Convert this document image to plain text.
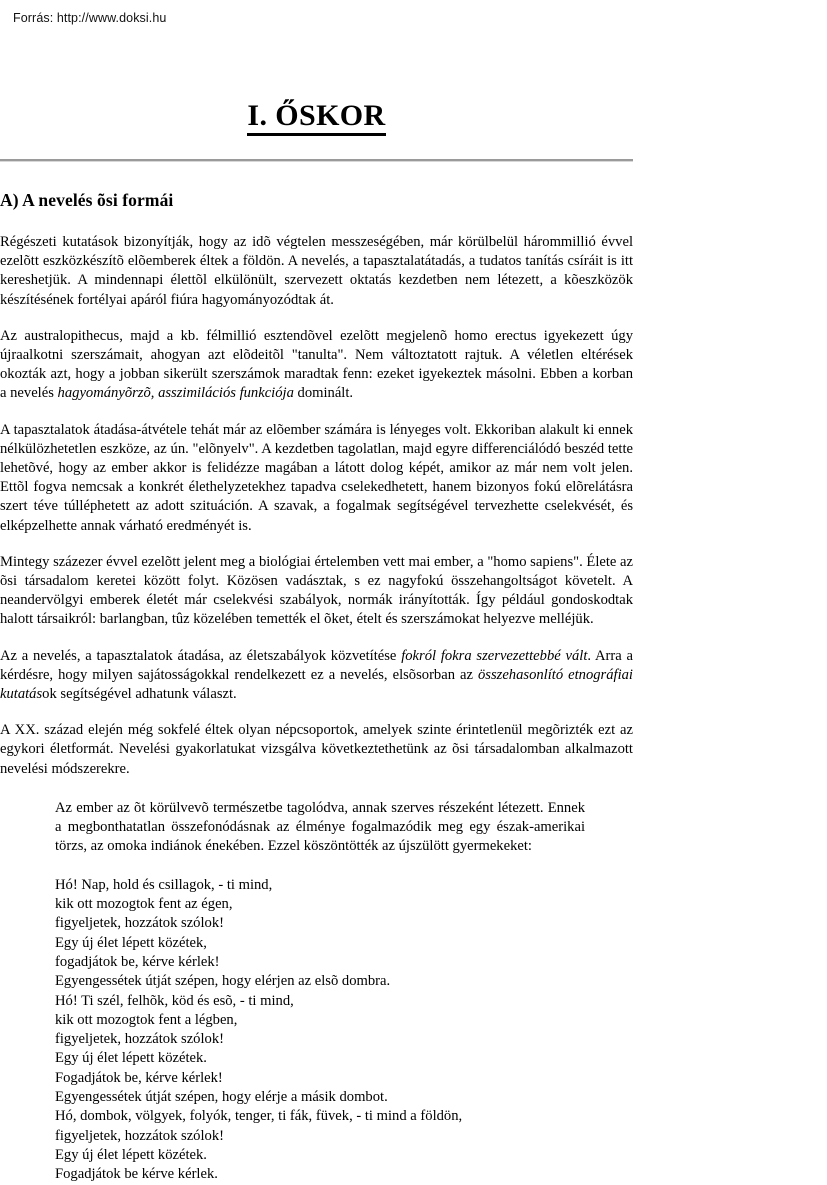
Forrás: http://www.doksi.hu
I. ŐSKOR
A) A nevelés õsi formái

Régészeti kutatások bizonyítják, hogy az idõ végtelen messzeségében, már körülbelül hárommillió évvel ezelõtt eszközkészítõ elõemberek éltek a földön. A nevelés, a tapasztalatátadás, a tudatos tanítás csíráit is itt kereshetjük. A mindennapi élettõl elkülönült, szervezett oktatás kezdetben nem létezett, a kõeszközök készítésének fortélyai apáról fiúra hagyományozódtak át.

Az australopithecus, majd a kb. félmillió esztendõvel ezelõtt megjelenõ homo erectus igyekezett úgy újraalkotni szerszámait, ahogyan azt elõdeitõl "tanulta". Nem változtatott rajtuk. A véletlen eltérések okozták azt, hogy a jobban sikerült szerszámok maradtak fenn: ezeket igyekeztek másolni. Ebben a korban a nevelés hagyományõrzõ, asszimilációs funkciója dominált.

A tapasztalatok átadása-átvétele tehát már az elõember számára is lényeges volt. Ekkoriban alakult ki ennek nélkülözhetetlen eszköze, az ún. "elõnyelv". A kezdetben tagolatlan, majd egyre differenciálódó beszéd tette lehetõvé, hogy az ember akkor is felidézze magában a látott dolog képét, amikor az már nem volt jelen. Ettõl fogva nemcsak a konkrét élethelyzetekhez tapadva cselekedhetett, hanem bizonyos fokú elõrelátásra szert téve túlléphetett az adott szituáción. A szavak, a fogalmak segítségével tervezhette cselekvését, és elképzelhette annak várható eredményét is.

Mintegy százezer évvel ezelõtt jelent meg a biológiai értelemben vett mai ember, a "homo sapiens". Élete az õsi társadalom keretei között folyt. Közösen vadásztak, s ez nagyfokú összehangoltságot követelt. A neandervölgyi emberek életét már cselekvési szabályok, normák irányították. Így például gondoskodtak halott társaikról: barlangban, tûz közelében temették el õket, ételt és szerszámokat helyezve melléjük.

Az a nevelés, a tapasztalatok átadása, az életszabályok közvetítése fokról fokra szervezettebbé vált. Arra a kérdésre, hogy milyen sajátosságokkal rendelkezett ez a nevelés, elsõsorban az összehasonlító etnográfiai kutatások segítségével adhatunk választ.

A XX. század elején még sokfelé éltek olyan népcsoportok, amelyek szinte érintetlenül megõrizték ezt az egykori életformát. Nevelési gyakorlatukat vizsgálva következtethetünk az õsi társadalomban alkalmazott nevelési módszerekre.

Az ember az õt körülvevõ természetbe tagolódva, annak szerves részeként létezett. Ennek a megbonthatatlan összefonódásnak az élménye fogalmazódik meg egy észak-amerikai törzs, az omoka indiánok énekében. Ezzel köszöntötték az újszülött gyermekeket:

Hó! Nap, hold és csillagok, - ti mind,
kik ott mozogtok fent az égen,
figyeljetek, hozzátok szólok!
Egy új élet lépett közétek,
fogadjátok be, kérve kérlek!
Egyengessétek útját szépen, hogy elérjen az elsõ dombra.
Hó! Ti szél, felhõk, köd és esõ, - ti mind,
kik ott mozogtok fent a légben,
figyeljetek, hozzátok szólok!
Egy új élet lépett közétek.
Fogadjátok be, kérve kérlek!
Egyengessétek útját szépen, hogy elérje a másik dombot.
Hó, dombok, völgyek, folyók, tenger, ti fák, füvek, - ti mind a földön,
figyeljetek, hozzátok szólok!
Egy új élet lépett közétek.
Fogadjátok be kérve kérlek.
